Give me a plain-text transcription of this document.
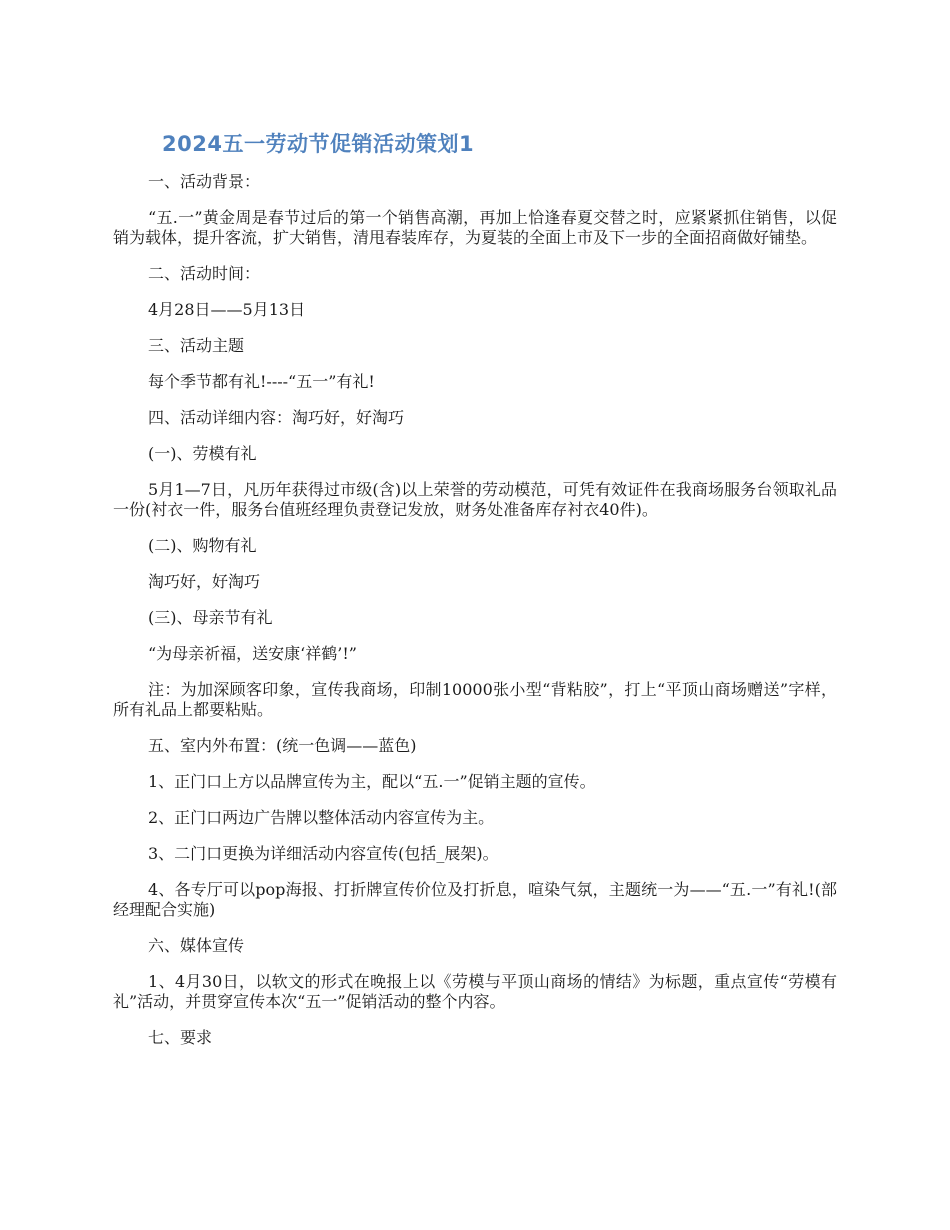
2024五一劳动节促销活动策划1

一、活动背景：

“五.一”黄金周是春节过后的第一个销售高潮，再加上恰逢春夏交替之时，应紧紧抓住销售，以促销为载体，提升客流，扩大销售，清甩春装库存，为夏装的全面上市及下一步的全面招商做好铺垫。

二、活动时间：

4月28日——5月13日

三、活动主题

每个季节都有礼!----“五一”有礼!

四、活动详细内容：淘巧好，好淘巧

(一)、劳模有礼

5月1—7日，凡历年获得过市级(含)以上荣誉的劳动模范，可凭有效证件在我商场服务台领取礼品一份(衬衣一件，服务台值班经理负责登记发放，财务处准备库存衬衣40件)。

(二)、购物有礼

淘巧好，好淘巧

(三)、母亲节有礼

“为母亲祈福，送安康‘祥鹤’!”

注：为加深顾客印象，宣传我商场，印制10000张小型“背粘胶”，打上“平顶山商场赠送”字样，所有礼品上都要粘贴。

五、室内外布置：(统一色调——蓝色)

1、正门口上方以品牌宣传为主，配以“五.一”促销主题的宣传。

2、正门口两边广告牌以整体活动内容宣传为主。

3、二门口更换为详细活动内容宣传(包括_展架)。

4、各专厅可以pop海报、打折牌宣传价位及打折息，喧染气氛，主题统一为——“五.一”有礼!(部经理配合实施)

六、媒体宣传

1、4月30日，以软文的形式在晚报上以《劳模与平顶山商场的情结》为标题，重点宣传“劳模有礼”活动，并贯穿宣传本次“五一”促销活动的整个内容。

七、要求
